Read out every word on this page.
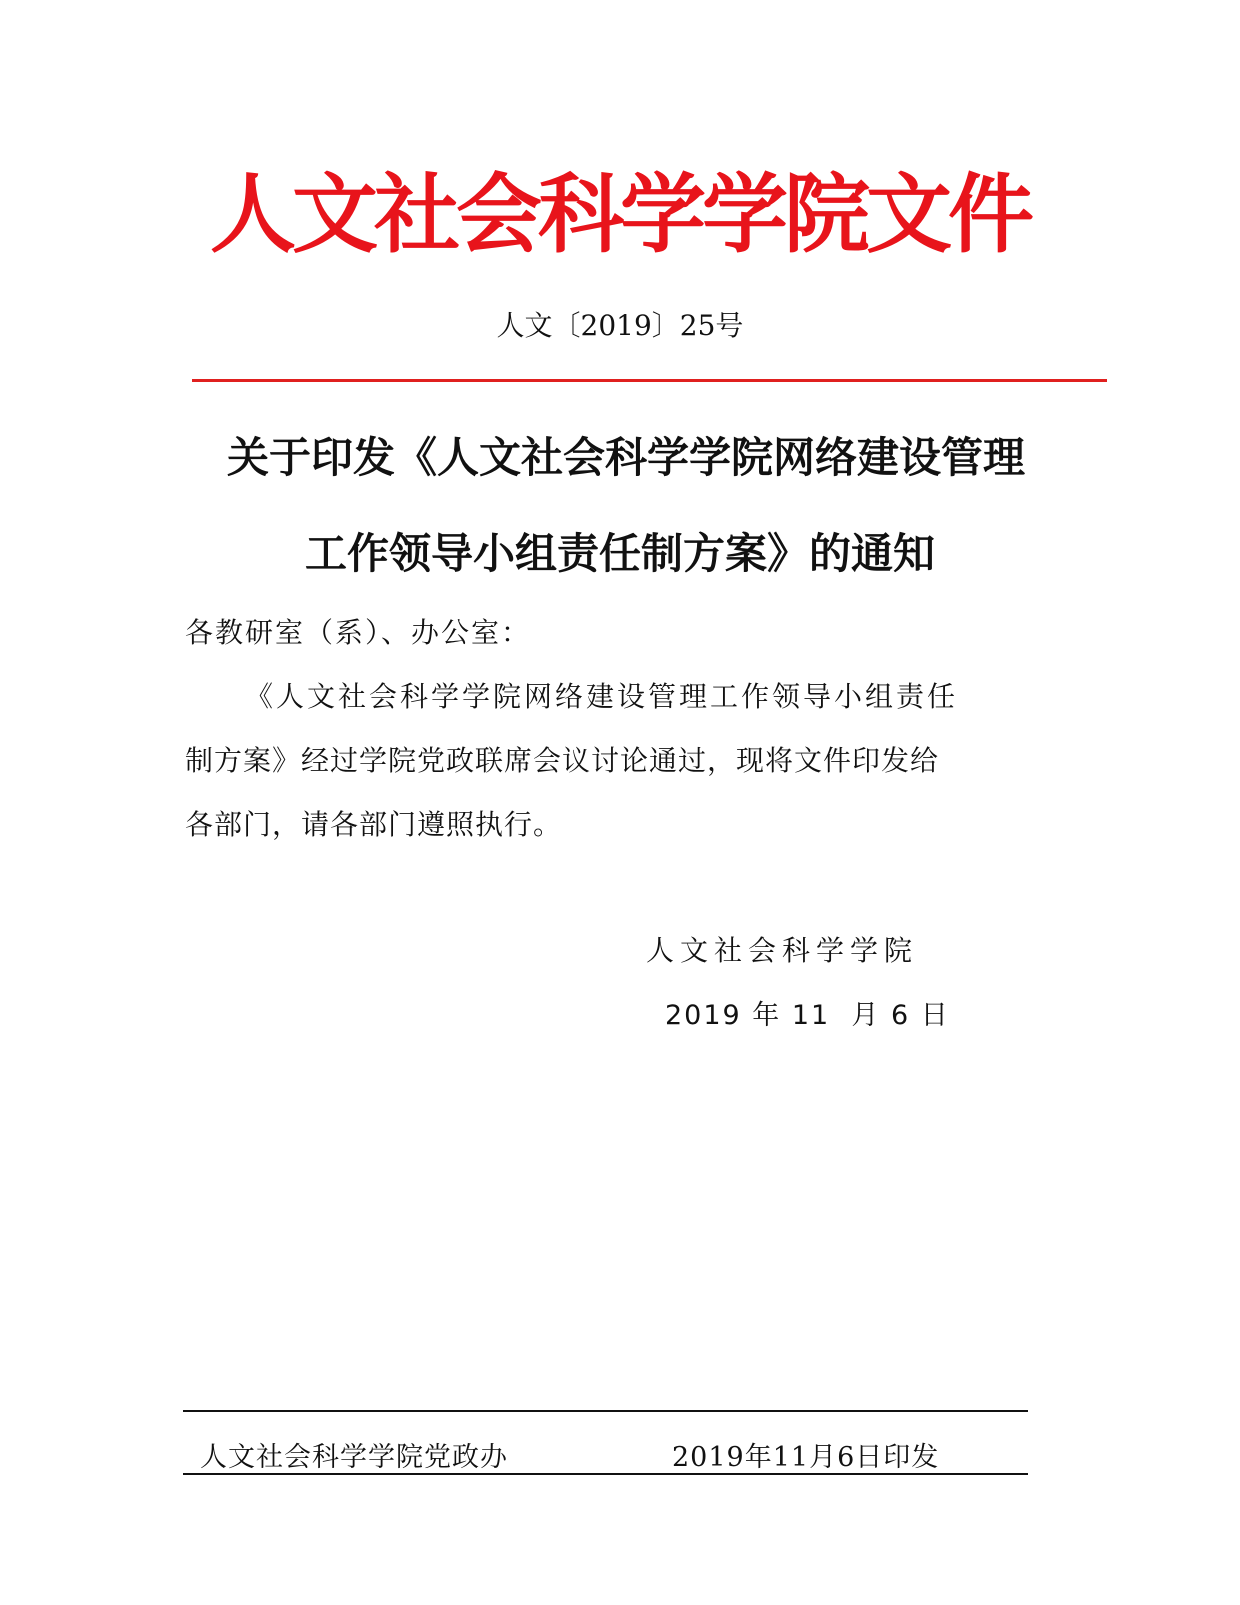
人文社会科学学院文件
人文〔2019〕25号
关于印发《人文社会科学学院网络建设管理
工作领导小组责任制方案》的通知
各教研室（系）、办公室：
《人文社会科学学院网络建设管理工作领导小组责任
制方案》经过学院党政联席会议讨论通过，现将文件印发给
各部门，请各部门遵照执行。
人文社会科学学院
2019 年 11  月 6 日
人文社会科学学院党政办	2019年11月6日印发
